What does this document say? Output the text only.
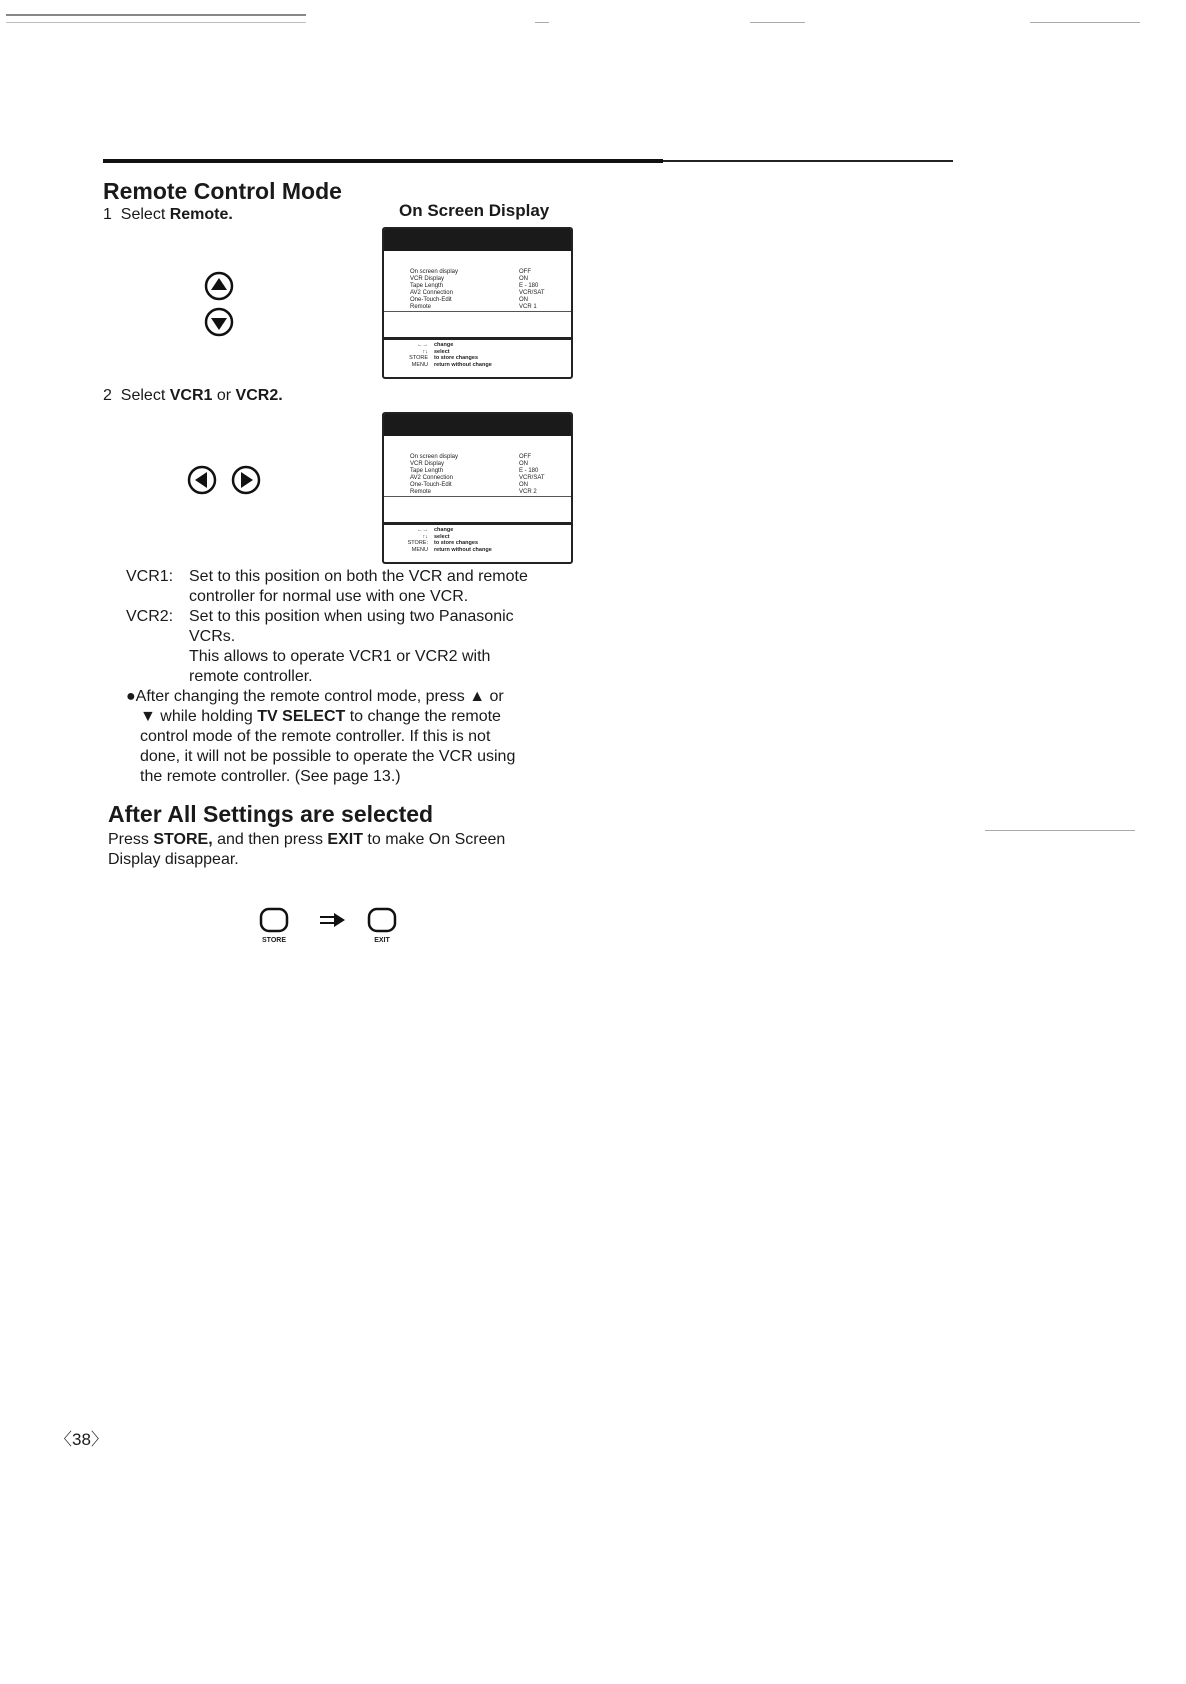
Remote Control Mode
1 Select Remote.	On Screen Display
On screen display
VCR Display
Tape Length
AV2 Connection
One-Touch-Edit
Remote
OFF
ON
E - 180
VCR/SAT
ON
VCR 1
←→ change
↑↓ select
STORE to store changes
MENU return without change
2 Select VCR1 or VCR2.
On screen display
VCR Display
Tape Length
AV2 Connection
One-Touch-Edit
Remote
OFF
ON
E - 180
VCR/SAT
ON
VCR 2
←→ change
↑↓ select
STORE: to store changes
MENU return without change
VCR1: Set to this position on both the VCR and remote
controller for normal use with one VCR.
VCR2: Set to this position when using two Panasonic
VCRs.
This allows to operate VCR1 or VCR2 with
remote controller.
●After changing the remote control mode, press ▲ or
▼ while holding TV SELECT to change the remote
control mode of the remote controller. If this is not
done, it will not be possible to operate the VCR using
the remote controller. (See page 13.)
After All Settings are selected
Press STORE, and then press EXIT to make On Screen
Display disappear.
STORE	EXIT
〈38〉
